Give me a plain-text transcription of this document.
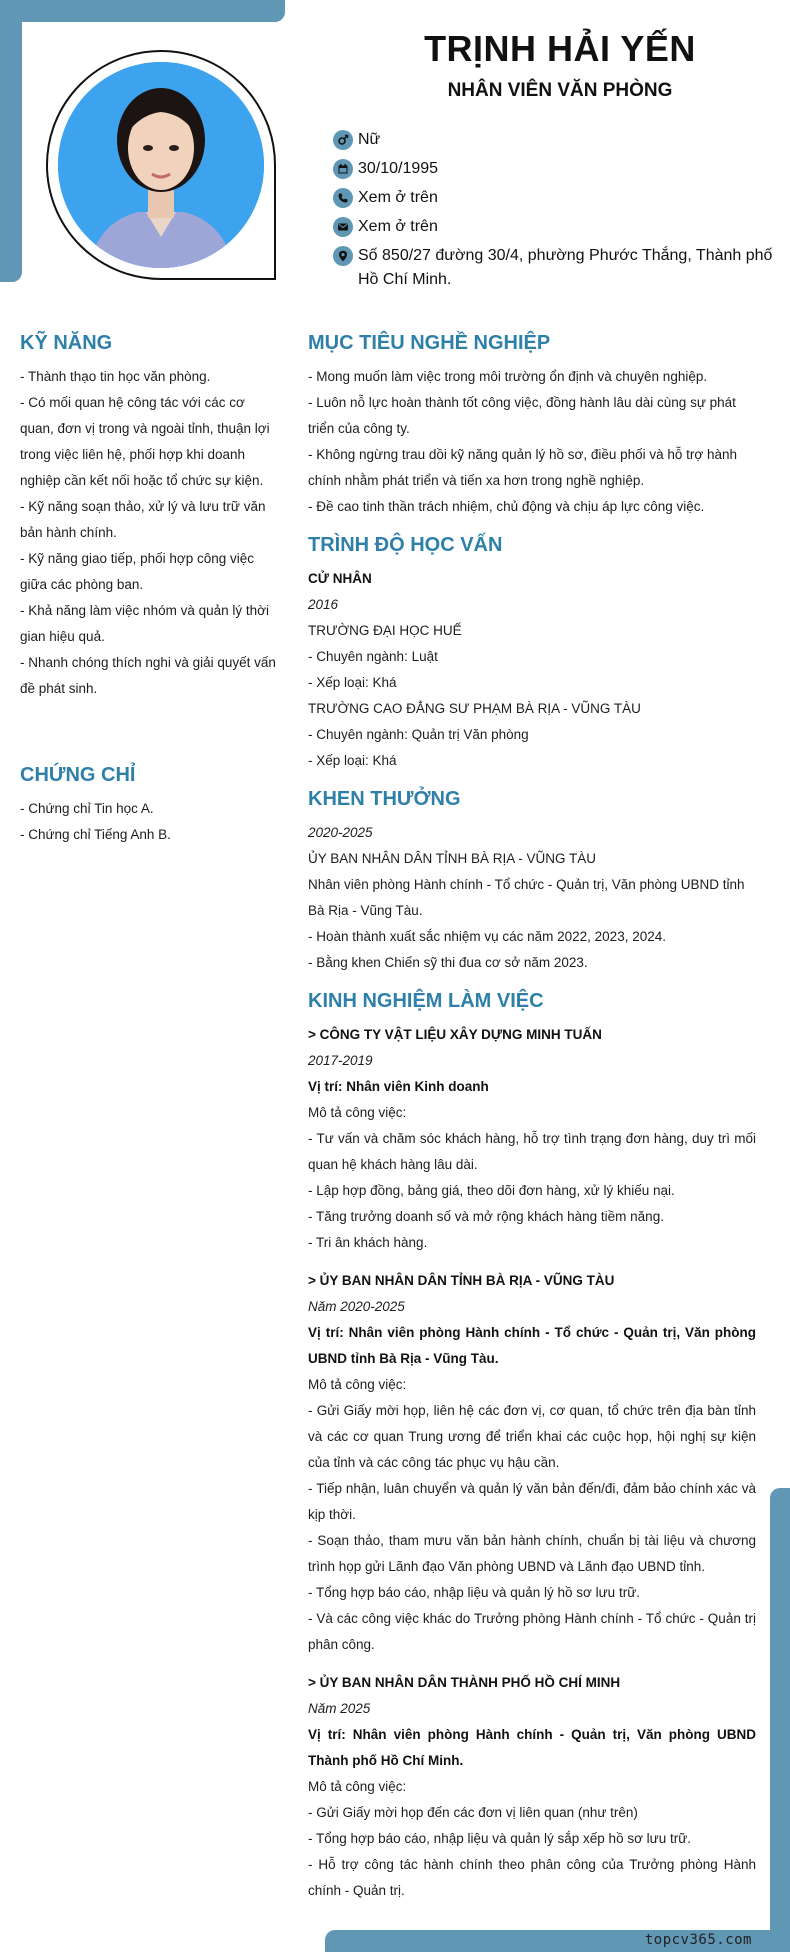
topcv365.com
TRỊNH HẢI YẾN
NHÂN VIÊN VĂN PHÒNG
Nữ
30/10/1995
Xem ở trên
Xem ở trên
Số 850/27 đường 30/4, phường Phước Thắng, Thành phố Hồ Chí Minh.
KỸ NĂNG

- Thành thạo tin học văn phòng.

- Có mối quan hệ công tác với các cơ quan, đơn vị trong và ngoài tỉnh, thuận lợi trong việc liên hệ, phối hợp khi doanh nghiệp cần kết nối hoặc tổ chức sự kiện.

- Kỹ năng soạn thảo, xử lý và lưu trữ văn bản hành chính.

- Kỹ năng giao tiếp, phối hợp công việc giữa các phòng ban.

- Khả năng làm việc nhóm và quản lý thời gian hiệu quả.

- Nhanh chóng thích nghi và giải quyết vấn đề phát sinh.

CHỨNG CHỈ

- Chứng chỉ Tin học A.

- Chứng chỉ Tiếng Anh B.

MỤC TIÊU NGHỀ NGHIỆP

- Mong muốn làm việc trong môi trường ổn định và chuyên nghiệp.

- Luôn nỗ lực hoàn thành tốt công việc, đồng hành lâu dài cùng sự phát triển của công ty.

- Không ngừng trau dồi kỹ năng quản lý hồ sơ, điều phối và hỗ trợ hành chính nhằm phát triển và tiến xa hơn trong nghề nghiệp.

- Đề cao tinh thần trách nhiệm, chủ động và chịu áp lực công việc.

TRÌNH ĐỘ HỌC VẤN

CỬ NHÂN

2016

TRƯỜNG ĐẠI HỌC HUẾ

- Chuyên ngành: Luật

- Xếp loại: Khá

TRƯỜNG CAO ĐẲNG SƯ PHẠM BÀ RỊA - VŨNG TÀU

- Chuyên ngành: Quản trị Văn phòng

- Xếp loại: Khá

KHEN THƯỞNG

2020-2025

ỦY BAN NHÂN DÂN TỈNH BÀ RỊA - VŨNG TÀU

Nhân viên phòng Hành chính - Tổ chức - Quản trị, Văn phòng UBND tỉnh Bà Rịa - Vũng Tàu.

- Hoàn thành xuất sắc nhiệm vụ các năm 2022, 2023, 2024.

- Bằng khen Chiến sỹ thi đua cơ sở năm 2023.

KINH NGHIỆM LÀM VIỆC

> CÔNG TY VẬT LIỆU XÂY DỰNG MINH TUẤN

2017-2019

Vị trí: Nhân viên Kinh doanh

Mô tả công việc:

- Tư vấn và chăm sóc khách hàng, hỗ trợ tình trạng đơn hàng, duy trì mối quan hệ khách hàng lâu dài.

- Lập hợp đồng, bảng giá, theo dõi đơn hàng, xử lý khiếu nại.

- Tăng trưởng doanh số và mở rộng khách hàng tiềm năng.

- Tri ân khách hàng.

> ỦY BAN NHÂN DÂN TỈNH BÀ RỊA - VŨNG TÀU

Năm 2020-2025

Vị trí: Nhân viên phòng Hành chính - Tổ chức - Quản trị, Văn phòng UBND tỉnh Bà Rịa - Vũng Tàu.

Mô tả công việc:

- Gửi Giấy mời họp, liên hệ các đơn vị, cơ quan, tổ chức trên địa bàn tỉnh và các cơ quan Trung ương để triển khai các cuộc họp, hội nghị sự kiện của tỉnh và các công tác phục vụ hậu cần.

- Tiếp nhận, luân chuyển và quản lý văn bản đến/đi, đảm bảo chính xác và kịp thời.

- Soạn thảo, tham mưu văn bản hành chính, chuẩn bị tài liệu và chương trình họp gửi Lãnh đạo Văn phòng UBND và Lãnh đạo UBND tỉnh.

- Tổng hợp báo cáo, nhập liệu và quản lý hồ sơ lưu trữ.

- Và các công việc khác do Trưởng phòng Hành chính - Tổ chức - Quản trị phân công.

> ỦY BAN NHÂN DÂN THÀNH PHỐ HỒ CHÍ MINH

Năm 2025

Vị trí: Nhân viên phòng Hành chính - Quản trị, Văn phòng UBND Thành phố Hồ Chí Minh.

Mô tả công việc:

- Gửi Giấy mời họp đến các đơn vị liên quan (như trên)

- Tổng hợp báo cáo, nhập liệu và quản lý sắp xếp hồ sơ lưu trữ.

- Hỗ trợ công tác hành chính theo phân công của Trưởng phòng Hành chính - Quản trị.
